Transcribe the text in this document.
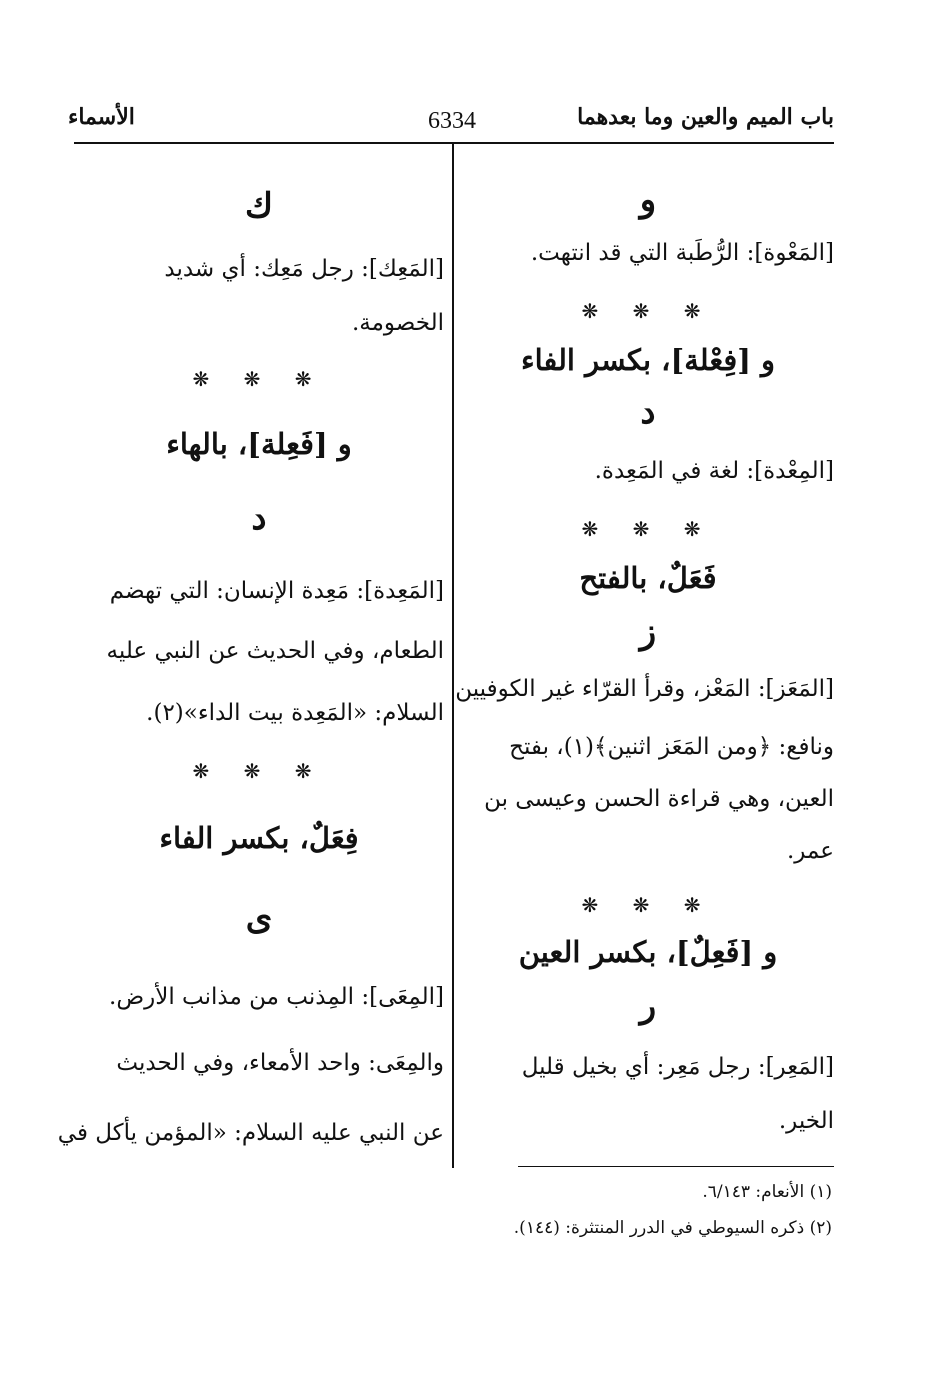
باب الميم والعين وما بعدهما
6334
الأسماء
و
[المَعْوة]: الرُّطَبة التي قد انتهت.
❋ ❋ ❋
و [فِعْلة]، بكسر الفاء
د
[المِعْدة]: لغة في المَعِدة.
❋ ❋ ❋
فَعَلٌ، بالفتح
ز
[المَعَز]: المَعْز، وقرأ القرّاء غير الكوفيين
ونافع: ﴿ومن المَعَز اثنين﴾(١)، بفتح
العين، وهي قراءة الحسن وعيسى بن
عمر.
❋ ❋ ❋
و [فَعِلٌ]، بكسر العين
ر
[المَعِر]: رجل مَعِر: أي بخيل قليل
الخير.
ك
[المَعِك]: رجل مَعِك: أي شديد
الخصومة.
❋ ❋ ❋
و [فَعِلة]، بالهاء
د
[المَعِدة]: مَعِدة الإنسان: التي تهضم
الطعام، وفي الحديث عن النبي عليه
السلام: «المَعِدة بيت الداء»(٢).
❋ ❋ ❋
فِعَلٌ، بكسر الفاء
ى
[المِعَى]: المِذنب من مذانب الأرض.
والمِعَى: واحد الأمعاء، وفي الحديث
عن النبي عليه السلام: «المؤمن يأكل في
(١) الأنعام: ٦/١٤٣.
(٢) ذكره السيوطي في الدرر المنتثرة: (١٤٤).
